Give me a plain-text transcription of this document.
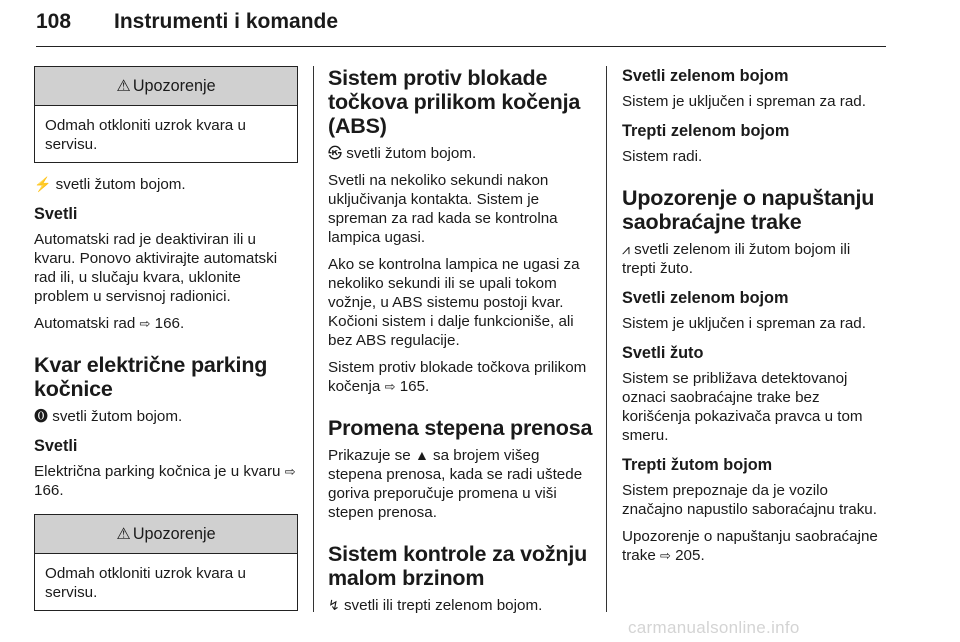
108 Instrumenti i komande
⚠ Upozorenje
Odmah otkloniti uzrok kvara u servisu.

⚡ svetli žutom bojom.

Svetli

Automatski rad je deaktiviran ili u kvaru. Ponovo aktivirajte automatski rad ili, u slučaju kvara, uklonite problem u servisnoj radionici.

Automatski rad ⇨ 166.

Kvar električne parking kočnice

⓿ svetli žutom bojom.

Svetli

Električna parking kočnica je u kvaru ⇨ 166.

⚠ Upozorenje
Odmah otkloniti uzrok kvara u servisu.
Sistem protiv blokade točkova prilikom kočenja (ABS)

㉿ svetli žutom bojom.

Svetli na nekoliko sekundi nakon uključivanja kontakta. Sistem je spreman za rad kada se kontrolna lampica ugasi.

Ako se kontrolna lampica ne ugasi za nekoliko sekundi ili se upali tokom vožnje, u ABS sistemu postoji kvar. Kočioni sistem i dalje funkcioniše, ali bez ABS regulacije.

Sistem protiv blokade točkova prilikom kočenja ⇨ 165.

Promena stepena prenosa

Prikazuje se ▲ sa brojem višeg stepena prenosa, kada se radi uštede goriva preporučuje promena u viši stepen prenosa.

Sistem kontrole za vožnju malom brzinom

↯ svetli ili trepti zelenom bojom.

Svetli zelenom bojom

Sistem je uključen i spreman za rad.

Trepti zelenom bojom

Sistem radi.

Upozorenje o napuštanju saobraćajne trake

⩘ svetli zelenom ili žutom bojom ili trepti žuto.

Svetli zelenom bojom

Sistem je uključen i spreman za rad.

Svetli žuto

Sistem se približava detektovanoj oznaci saobraćajne trake bez korišćenja pokazivača pravca u tom smeru.

Trepti žutom bojom

Sistem prepoznaje da je vozilo značajno napustilo saboraćajnu traku.

Upozorenje o napuštanju saobraćajne trake ⇨ 205.

carmanualsonline.info
